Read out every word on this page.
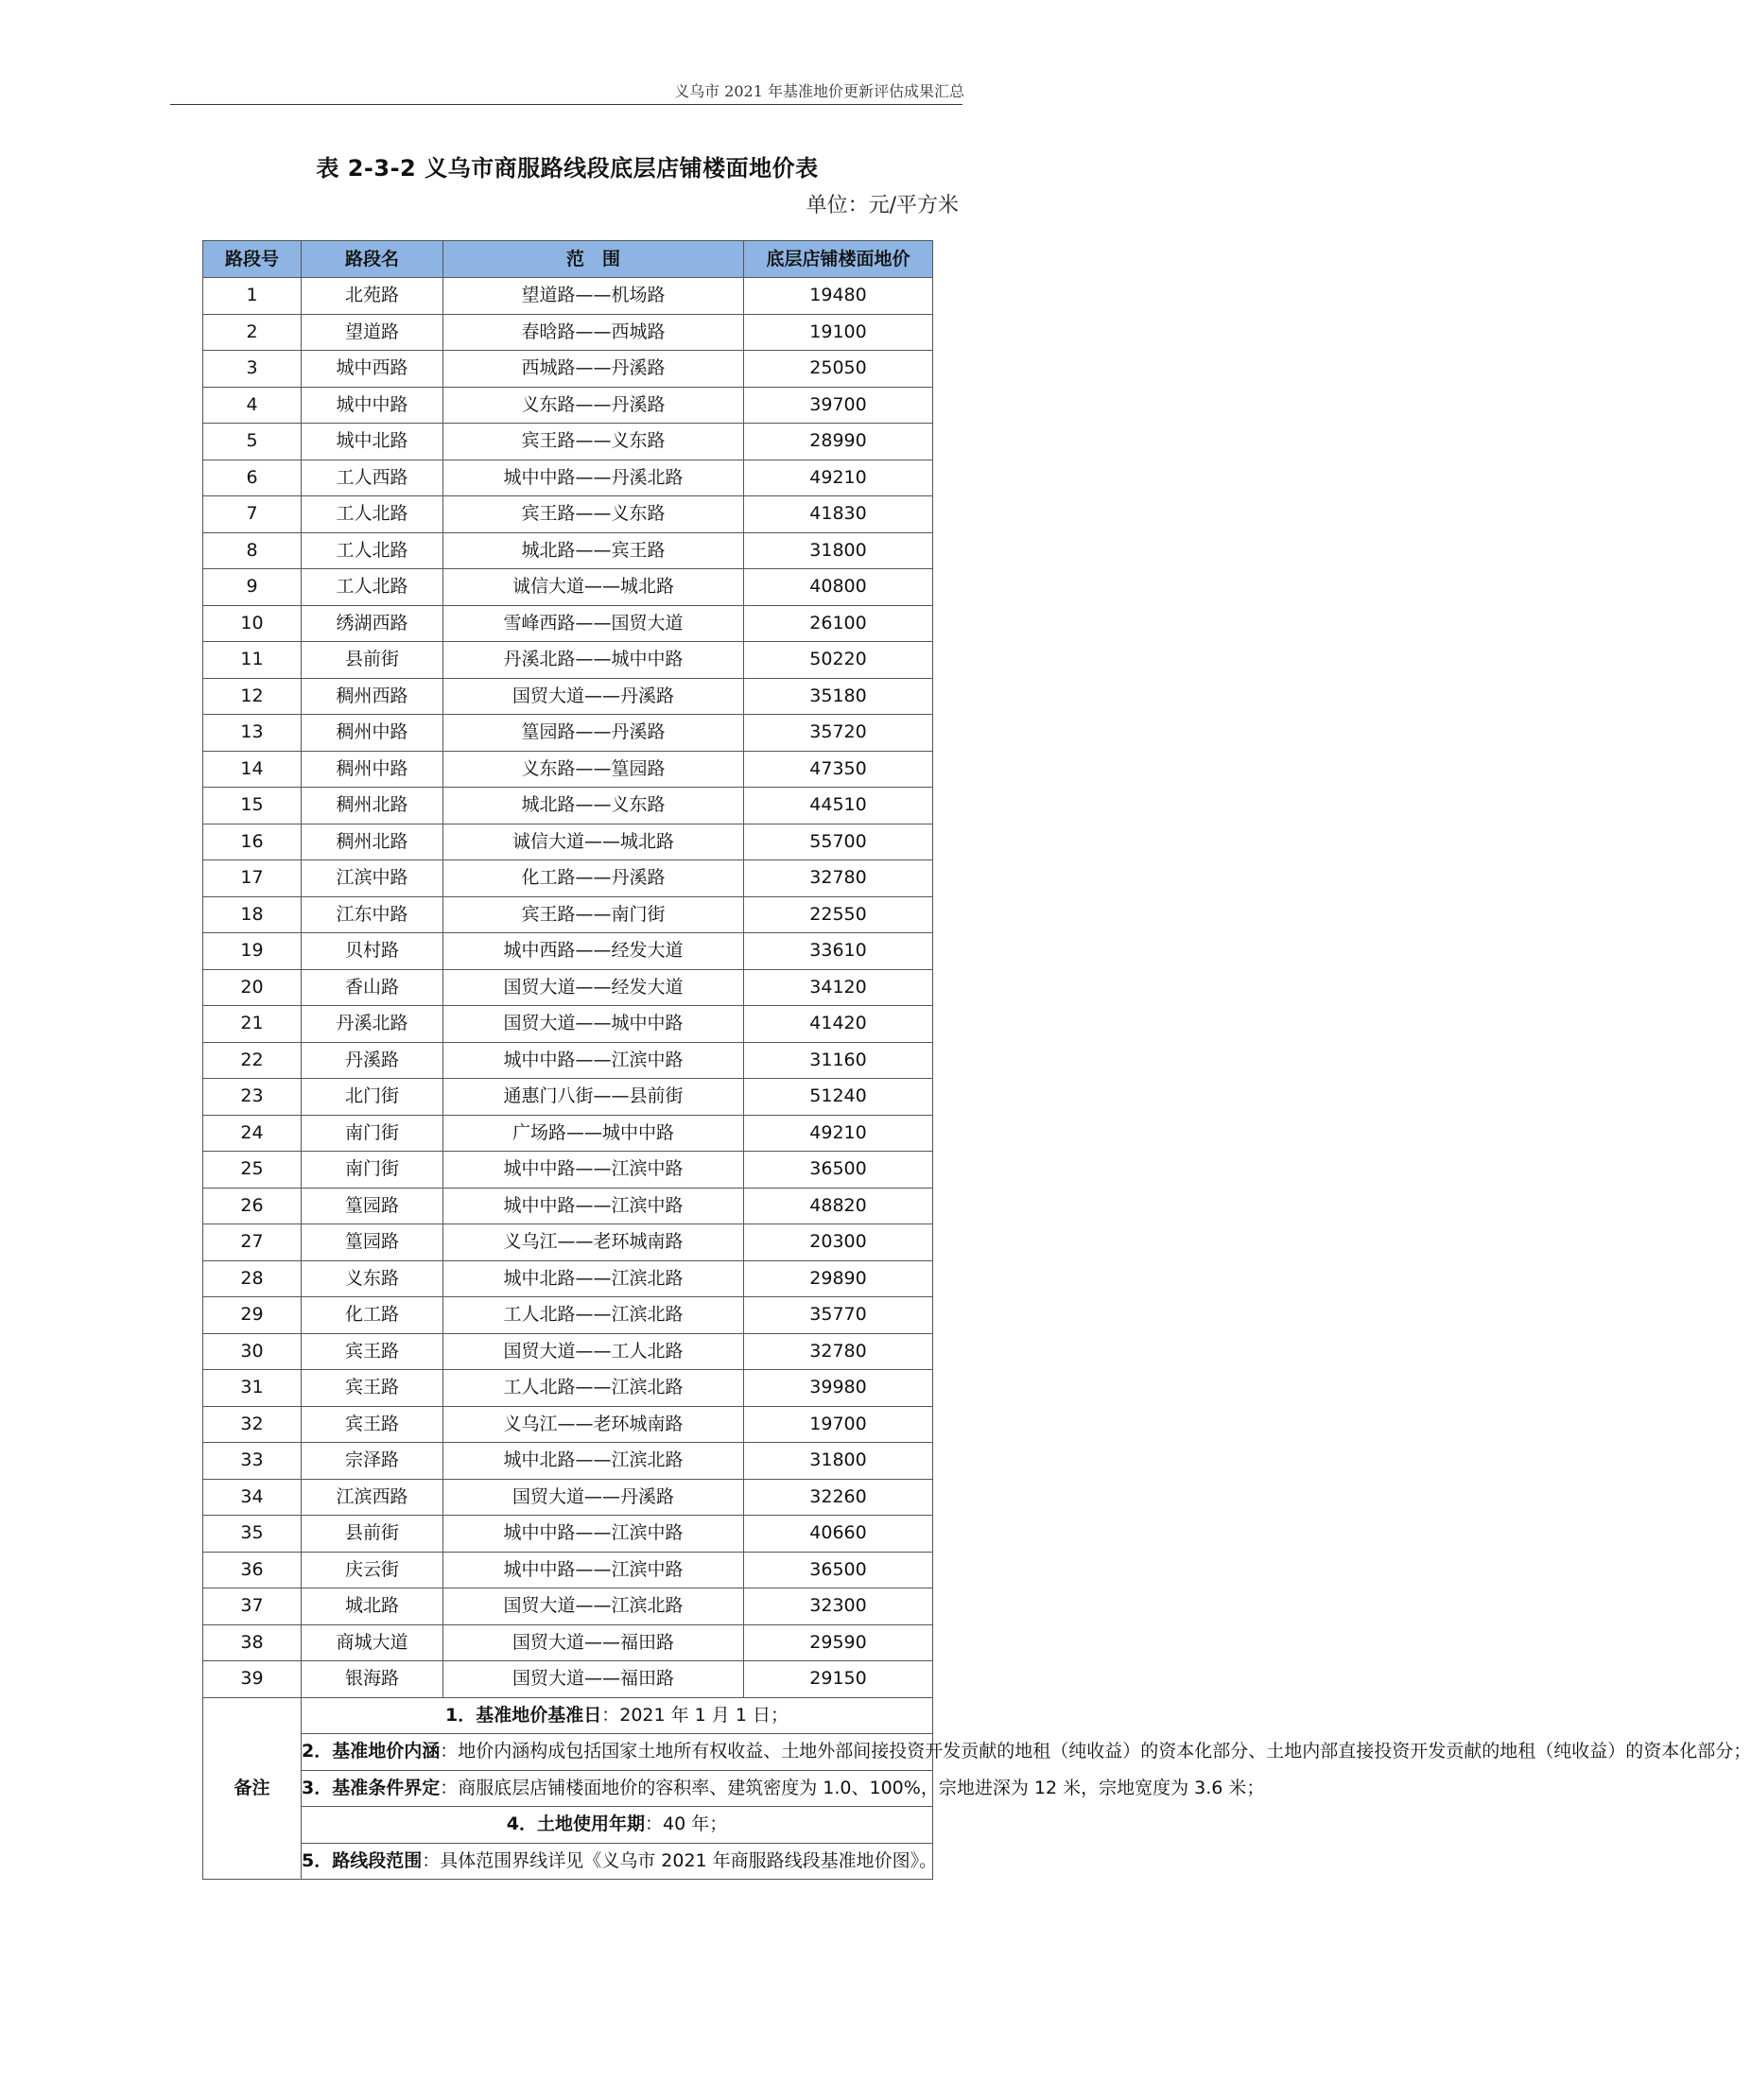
义乌市 2021 年基准地价更新评估成果汇总
表 2-3-2 义乌市商服路线段底层店铺楼面地价表
单位：元/平方米
路段号	路段名	范　围	底层店铺楼面地价
1	北苑路	望道路——机场路	19480
2	望道路	春晗路——西城路	19100
3	城中西路	西城路——丹溪路	25050
4	城中中路	义东路——丹溪路	39700
5	城中北路	宾王路——义东路	28990
6	工人西路	城中中路——丹溪北路	49210
7	工人北路	宾王路——义东路	41830
8	工人北路	城北路——宾王路	31800
9	工人北路	诚信大道——城北路	40800
10	绣湖西路	雪峰西路——国贸大道	26100
11	县前街	丹溪北路——城中中路	50220
12	稠州西路	国贸大道——丹溪路	35180
13	稠州中路	篁园路——丹溪路	35720
14	稠州中路	义东路——篁园路	47350
15	稠州北路	城北路——义东路	44510
16	稠州北路	诚信大道——城北路	55700
17	江滨中路	化工路——丹溪路	32780
18	江东中路	宾王路——南门街	22550
19	贝村路	城中西路——经发大道	33610
20	香山路	国贸大道——经发大道	34120
21	丹溪北路	国贸大道——城中中路	41420
22	丹溪路	城中中路——江滨中路	31160
23	北门街	通惠门八街——县前街	51240
24	南门街	广场路——城中中路	49210
25	南门街	城中中路——江滨中路	36500
26	篁园路	城中中路——江滨中路	48820
27	篁园路	义乌江——老环城南路	20300
28	义东路	城中北路——江滨北路	29890
29	化工路	工人北路——江滨北路	35770
30	宾王路	国贸大道——工人北路	32780
31	宾王路	工人北路——江滨北路	39980
32	宾王路	义乌江——老环城南路	19700
33	宗泽路	城中北路——江滨北路	31800
34	江滨西路	国贸大道——丹溪路	32260
35	县前街	城中中路——江滨中路	40660
36	庆云街	城中中路——江滨中路	36500
37	城北路	国贸大道——江滨北路	32300
38	商城大道	国贸大道——福田路	29590
39	银海路	国贸大道——福田路	29150
备注	1．基准地价基准日：2021 年 1 月 1 日；		
	2．基准地价内涵：地价内涵构成包括国家土地所有权收益、土地外部间接投资开发贡献的地租（纯收益）的资本化部分、土地内部直接投资开发贡献的地租（纯收益）的资本化部分；		
	3．基准条件界定：商服底层店铺楼面地价的容积率、建筑密度为 1.0、100%，宗地进深为 12 米，宗地宽度为 3.6 米；		
	4．土地使用年期：40 年；		
	5．路线段范围：具体范围界线详见《义乌市 2021 年商服路线段基准地价图》。		
